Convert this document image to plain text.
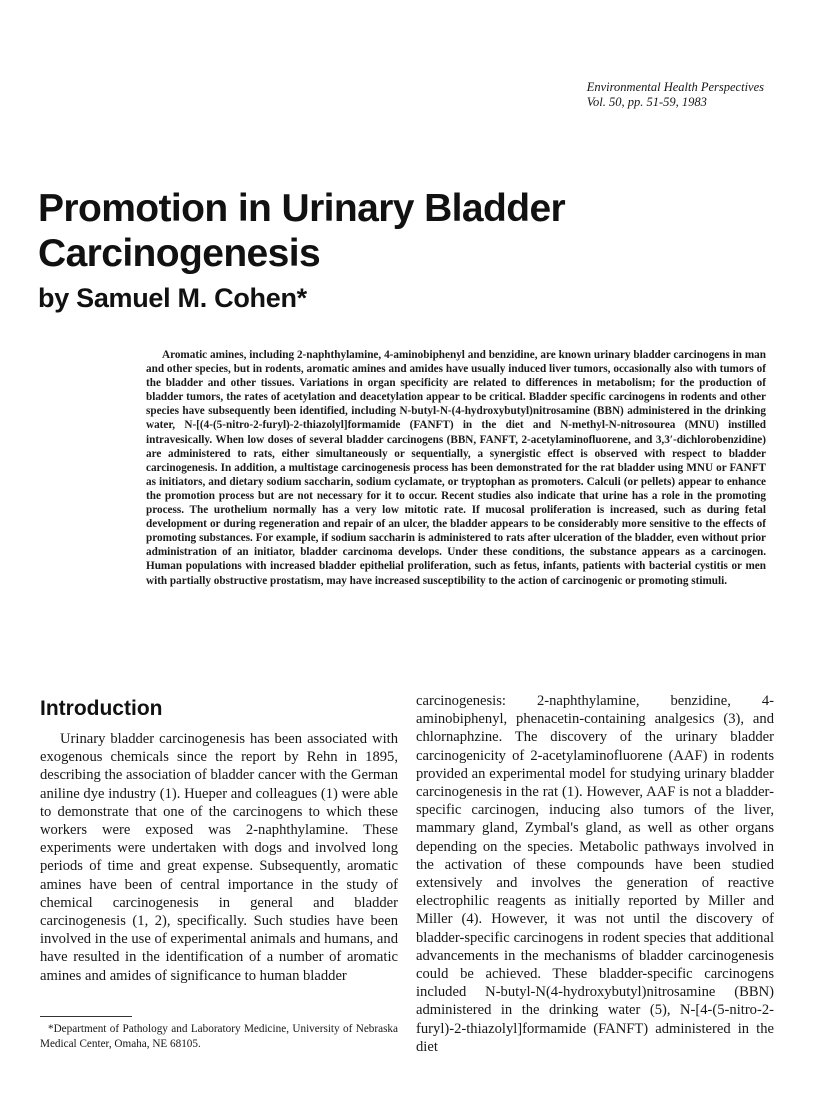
Environmental Health Perspectives
Vol. 50, pp. 51-59, 1983
Promotion in Urinary Bladder
Carcinogenesis
by Samuel M. Cohen*

Aromatic amines, including 2-naphthylamine, 4-aminobiphenyl and benzidine, are known urinary bladder carcinogens in man and other species, but in rodents, aromatic amines and amides have usually induced liver tumors, occasionally also with tumors of the bladder and other tissues. Variations in organ specificity are related to differences in metabolism; for the production of bladder tumors, the rates of acetylation and deacetylation appear to be critical. Bladder specific carcinogens in rodents and other species have subsequently been identified, including N-butyl-N-(4-hydroxybutyl)nitrosamine (BBN) administered in the drinking water, N-[(4-(5-nitro-2-furyl)-2-thiazolyl]formamide (FANFT) in the diet and N-methyl-N-nitrosourea (MNU) instilled intravesically. When low doses of several bladder carcinogens (BBN, FANFT, 2-acetylaminofluorene, and 3,3′-dichlorobenzidine) are administered to rats, either simultaneously or sequentially, a synergistic effect is observed with respect to bladder carcinogenesis. In addition, a multistage carcinogenesis process has been demonstrated for the rat bladder using MNU or FANFT as initiators, and dietary sodium saccharin, sodium cyclamate, or tryptophan as promoters. Calculi (or pellets) appear to enhance the promotion process but are not necessary for it to occur. Recent studies also indicate that urine has a role in the promoting process. The urothelium normally has a very low mitotic rate. If mucosal proliferation is increased, such as during fetal development or during regeneration and repair of an ulcer, the bladder appears to be considerably more sensitive to the effects of promoting substances. For example, if sodium saccharin is administered to rats after ulceration of the bladder, even without prior administration of an initiator, bladder carcinoma develops. Under these conditions, the substance appears as a carcinogen. Human populations with increased bladder epithelial proliferation, such as fetus, infants, patients with bacterial cystitis or men with partially obstructive prostatism, may have increased susceptibility to the action of carcinogenic or promoting stimuli.

Introduction

Urinary bladder carcinogenesis has been associated with exogenous chemicals since the report by Rehn in 1895, describing the association of bladder cancer with the German aniline dye industry (1). Hueper and colleagues (1) were able to demonstrate that one of the carcinogens to which these workers were exposed was 2-naphthylamine. These experiments were undertaken with dogs and involved long periods of time and great expense. Subsequently, aromatic amines have been of central importance in the study of chemical carcinogenesis in general and bladder carcinogenesis (1, 2), specifically. Such studies have been involved in the use of experimental animals and humans, and have resulted in the identification of a number of aromatic amines and amides of significance to human bladder

carcinogenesis: 2-naphthylamine, benzidine, 4-aminobiphenyl, phenacetin-containing analgesics (3), and chlornaphzine. The discovery of the urinary bladder carcinogenicity of 2-acetylaminofluorene (AAF) in rodents provided an experimental model for studying urinary bladder carcinogenesis in the rat (1). However, AAF is not a bladder-specific carcinogen, inducing also tumors of the liver, mammary gland, Zymbal's gland, as well as other organs depending on the species. Metabolic pathways involved in the activation of these compounds have been studied extensively and involves the generation of reactive electrophilic reagents as initially reported by Miller and Miller (4). However, it was not until the discovery of bladder-specific carcinogens in rodent species that additional advancements in the mechanisms of bladder carcinogenesis could be achieved. These bladder-specific carcinogens included N-butyl-N(4-hydroxybutyl)nitrosamine (BBN) administered in the drinking water (5), N-[4-(5-nitro-2-furyl)-2-thiazolyl]formamide (FANFT) administered in the diet

*Department of Pathology and Laboratory Medicine, University of Nebraska Medical Center, Omaha, NE 68105.
